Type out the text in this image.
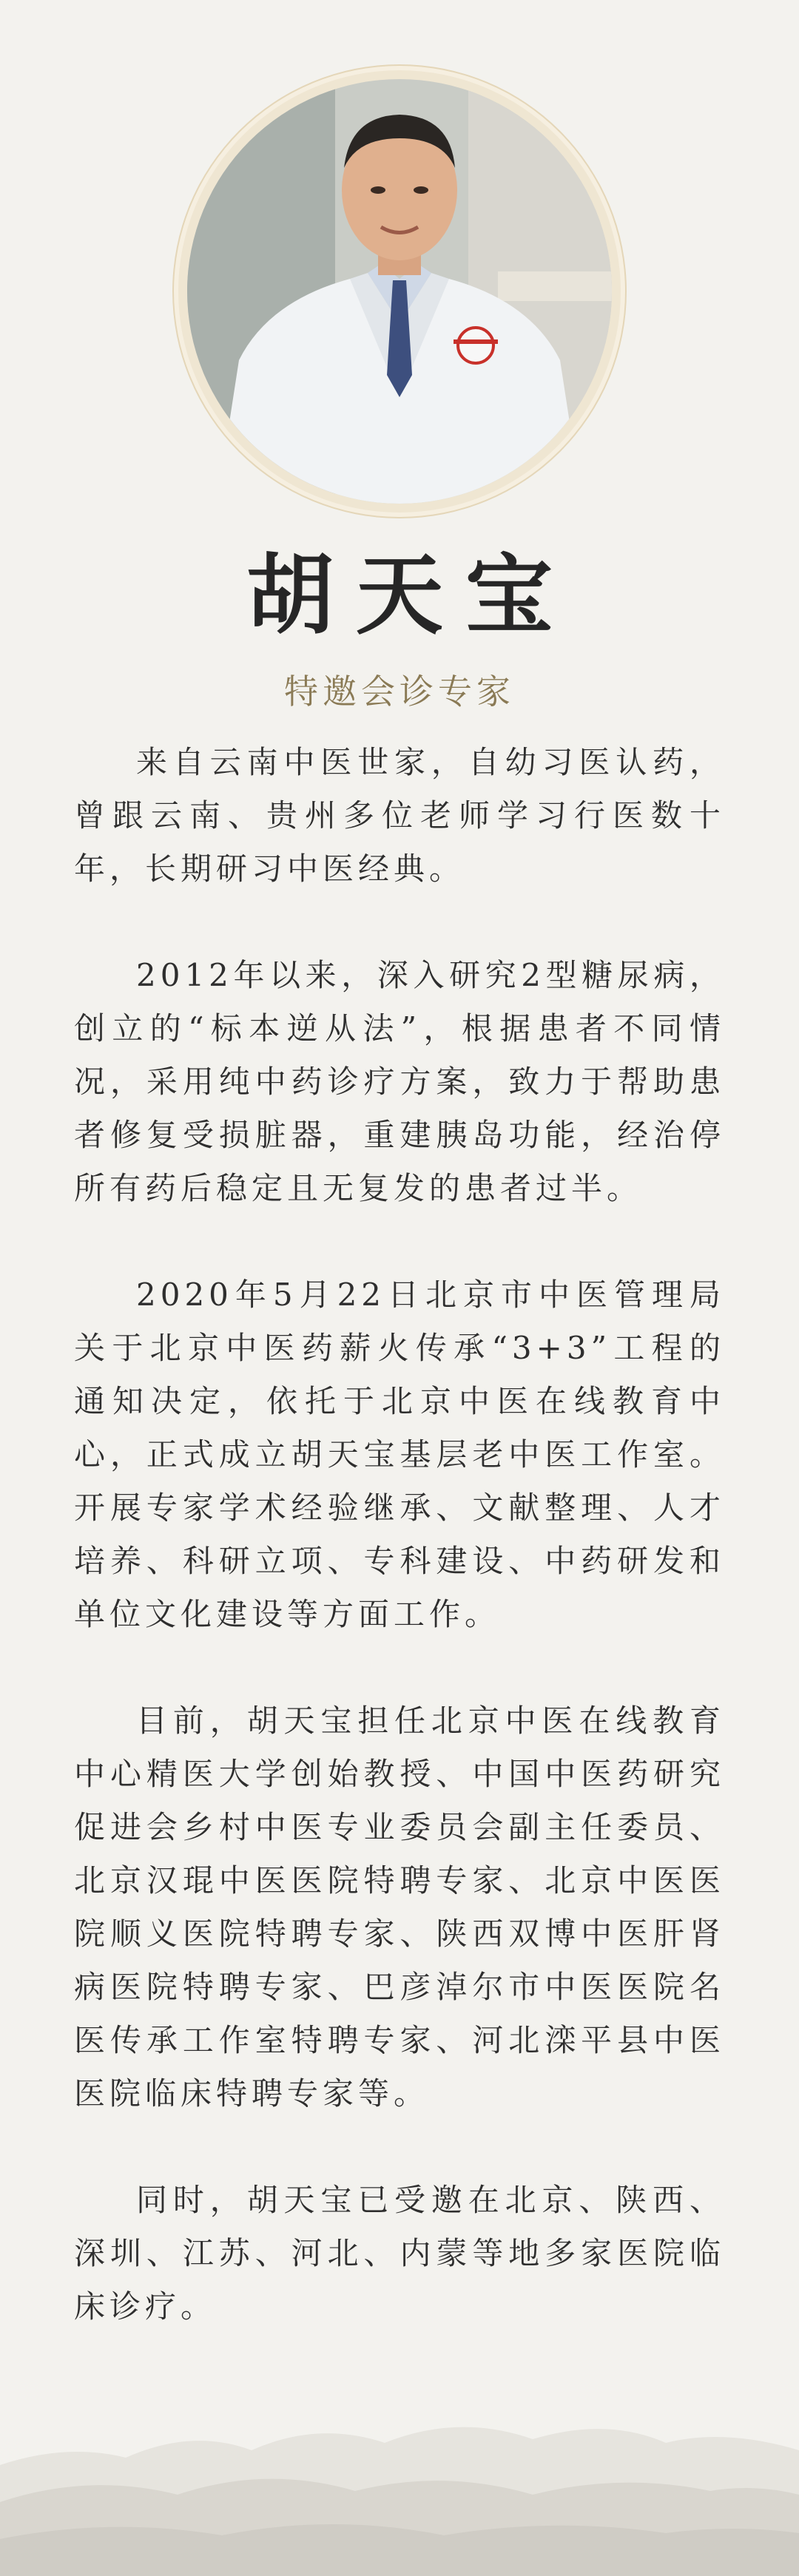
胡天宝
特邀会诊专家

来自云南中医世家，自幼习医认药，曾跟云南、贵州多位老师学习行医数十年，长期研习中医经典。

2012年以来，深入研究2型糖尿病，创立的“标本逆从法”，根据患者不同情况，采用纯中药诊疗方案，致力于帮助患者修复受损脏器，重建胰岛功能，经治停所有药后稳定且无复发的患者过半。

2020年5月22日北京市中医管理局关于北京中医药薪火传承“3+3”工程的通知决定，依托于北京中医在线教育中心，正式成立胡天宝基层老中医工作室。开展专家学术经验继承、文献整理、人才培养、科研立项、专科建设、中药研发和单位文化建设等方面工作。

目前，胡天宝担任北京中医在线教育中心精医大学创始教授、中国中医药研究促进会乡村中医专业委员会副主任委员、北京汉琨中医医院特聘专家、北京中医医院顺义医院特聘专家、陕西双博中医肝肾病医院特聘专家、巴彦淖尔市中医医院名医传承工作室特聘专家、河北滦平县中医医院临床特聘专家等。

同时，胡天宝已受邀在北京、陕西、深圳、江苏、河北、内蒙等地多家医院临床诊疗。
